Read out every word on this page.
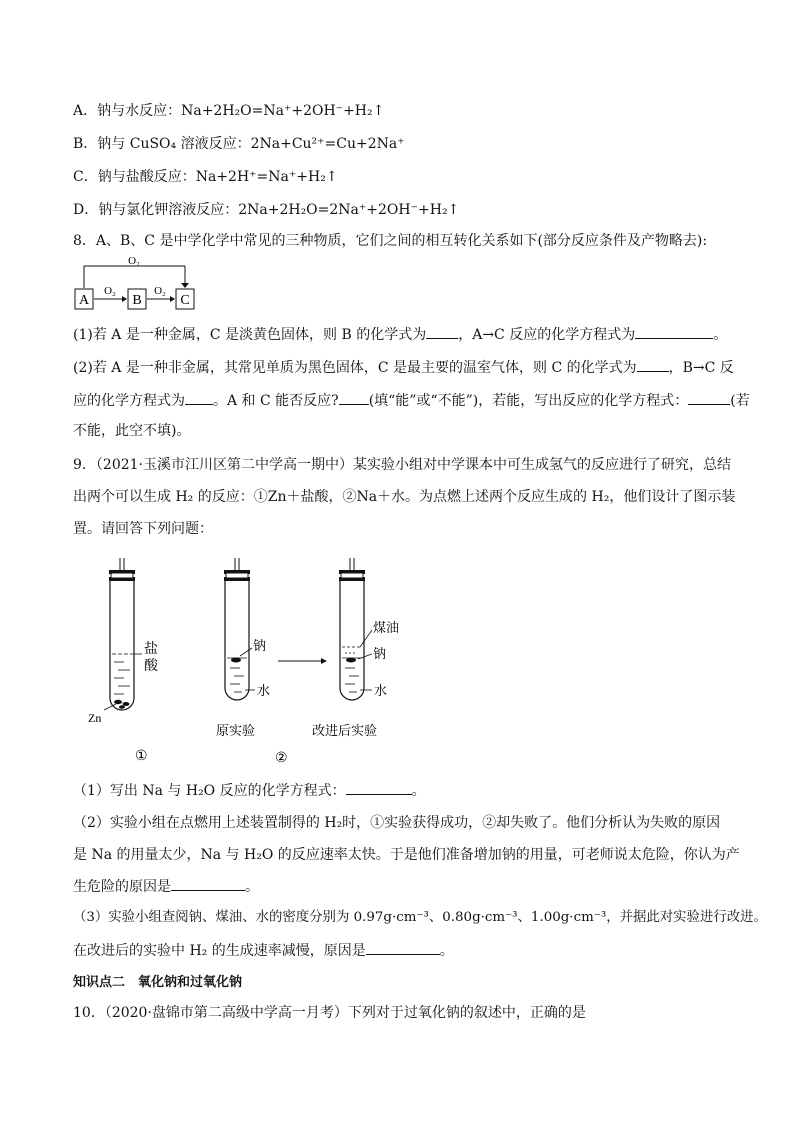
A．钠与水反应：Na+2H₂O=Na⁺+2OH⁻+H₂↑
B．钠与 CuSO₄ 溶液反应：2Na+Cu²⁺=Cu+2Na⁺
C．钠与盐酸反应：Na+2H⁺=Na⁺+H₂↑
D．钠与氯化钾溶液反应：2Na+2H₂O=2Na⁺+2OH⁻+H₂↑
8．A、B、C 是中学化学中常见的三种物质，它们之间的相互转化关系如下(部分反应条件及产物略去):
O₂
A	B	C
O₂	O₂
(1)若 A 是一种金属，C 是淡黄色固体，则 B 的化学式为 ，A→C 反应的化学方程式为	。
(2)若 A 是一种非金属，其常见单质为黑色固体，C 是最主要的温室气体，则 C 的化学式为 ，B→C 反
应的化学方程式为 。A 和 C 能否反应? (填“能”或“不能”)，若能，写出反应的化学方程式：	(若
不能，此空不填)。
9．（2021·玉溪市江川区第二中学高一期中）某实验小组对中学课本中可生成氢气的反应进行了研究，总结
出两个可以生成 H₂ 的反应：①Zn＋盐酸，②Na＋水。为点燃上述两个反应生成的 H₂，他们设计了图示装
置。请回答下列问题：
盐
酸
Zn
①
钠
水
原实验
②
煤油
钠
水
改进后实验
（1）写出 Na 与 H₂O 反应的化学方程式：	。
（2）实验小组在点燃用上述装置制得的 H₂时，①实验获得成功，②却失败了。他们分析认为失败的原因
是 Na 的用量太少，Na 与 H₂O 的反应速率太快。于是他们准备增加钠的用量，可老师说太危险，你认为产
生危险的原因是	。
（3）实验小组查阅钠、煤油、水的密度分别为 0.97g·cm⁻³、0.80g·cm⁻³、1.00g·cm⁻³，并据此对实验进行改进。
在改进后的实验中 H₂ 的生成速率减慢，原因是	。
知识点二　氧化钠和过氧化钠
10．（2020·盘锦市第二高级中学高一月考）下列对于过氧化钠的叙述中，正确的是
